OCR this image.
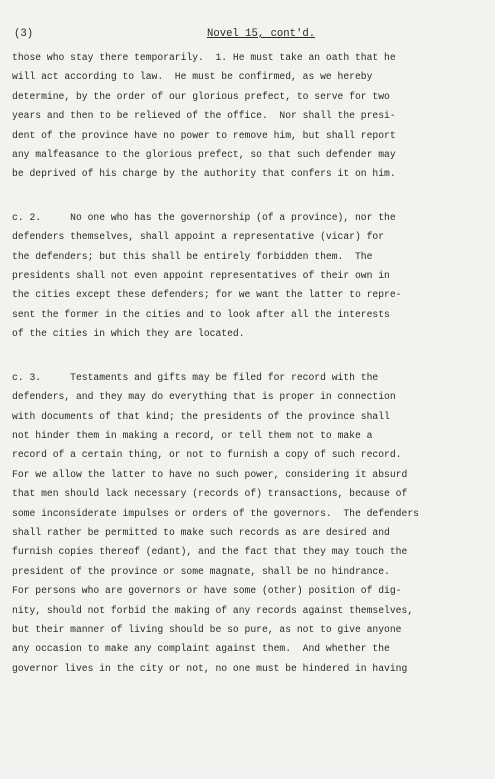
(3)	Novel 15, cont'd.
those who stay there temporarily.  1. He must take an oath that he
will act according to law.  He must be confirmed, as we hereby
determine, by the order of our glorious prefect, to serve for two
years and then to be relieved of the office.  Nor shall the presi-
dent of the province have no power to remove him, but shall report
any malfeasance to the glorious prefect, so that such defender may
be deprived of his charge by the authority that confers it on him.
c. 2.     No one who has the governorship (of a province), nor the
defenders themselves, shall appoint a representative (vicar) for
the defenders; but this shall be entirely forbidden them.  The
presidents shall not even appoint representatives of their own in
the cities except these defenders; for we want the latter to repre-
sent the former in the cities and to look after all the interests
of the cities in which they are located.
c. 3.     Testaments and gifts may be filed for record with the
defenders, and they may do everything that is proper in connection
with documents of that kind; the presidents of the province shall
not hinder them in making a record, or tell them not to make a
record of a certain thing, or not to furnish a copy of such record.
For we allow the latter to have no such power, considering it absurd
that men should lack necessary (records of) transactions, because of
some inconsiderate impulses or orders of the governors.  The defenders
shall rather be permitted to make such records as are desired and
furnish copies thereof (edant), and the fact that they may touch the
president of the province or some magnate, shall be no hindrance.
For persons who are governors or have some (other) position of dig-
nity, should not forbid the making of any records against themselves,
but their manner of living should be so pure, as not to give anyone
any occasion to make any complaint against them.  And whether the
governor lives in the city or not, no one must be hindered in having
